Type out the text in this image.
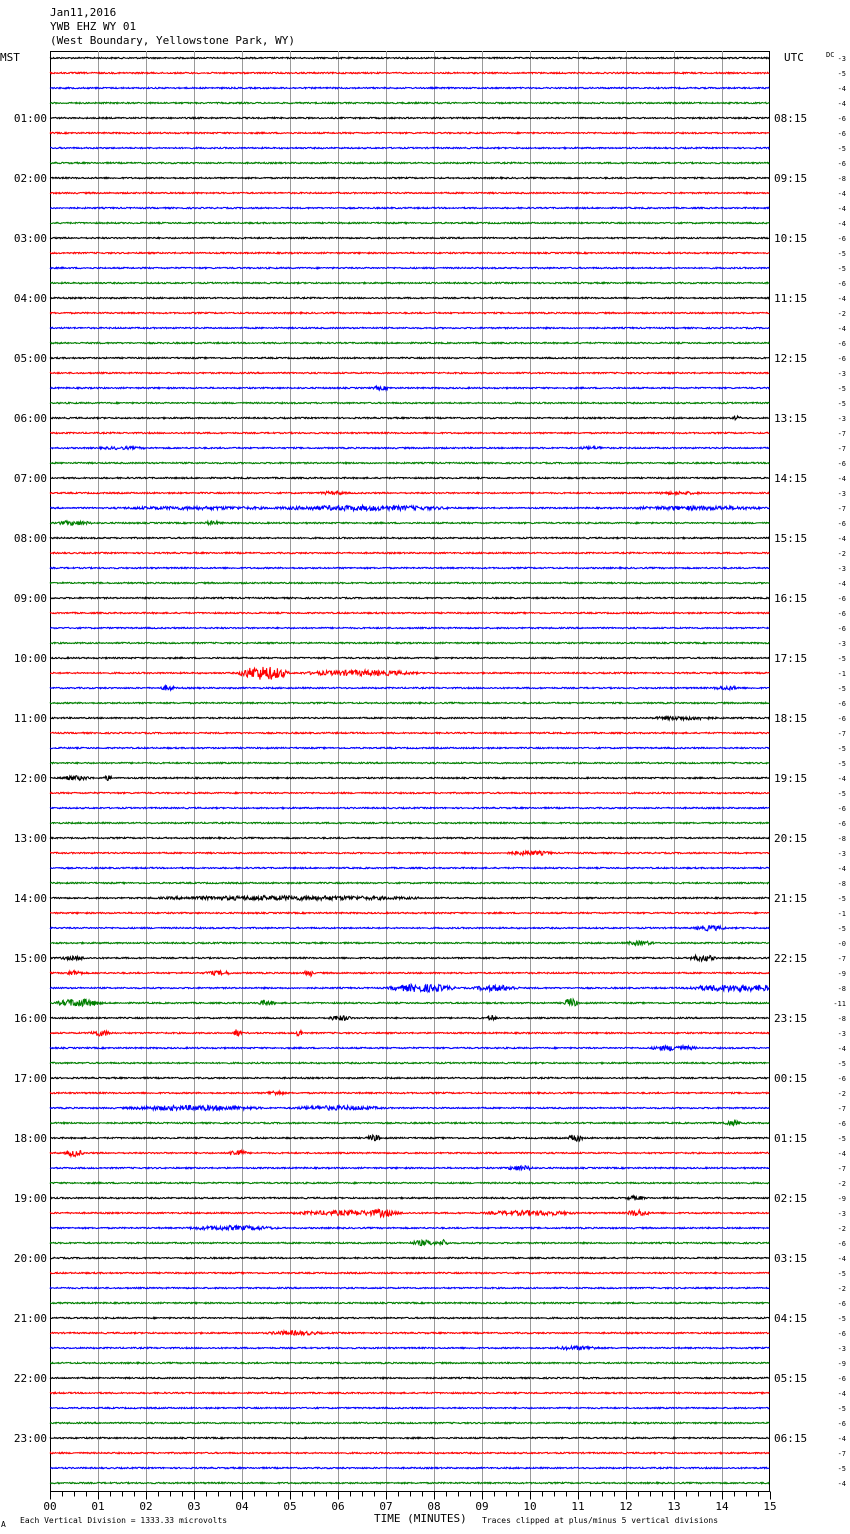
Jan11,2016
YWB EHZ WY 01
(West Boundary, Yellowstone Park, WY)
MST	UTC	DC
01:00
02:00
03:00
04:00
05:00
06:00
07:00
08:00
09:00
10:00
11:00
12:00
13:00
14:00
15:00
16:00
17:00
18:00
19:00
20:00
21:00
22:00
23:00
08:15
09:15
10:15
11:15
12:15
13:15
14:15
15:15
16:15
17:15
18:15
19:15
20:15
21:15
22:15
23:15
00:15
01:15
02:15
03:15
04:15
05:15
06:15
-3
-5
-4
-4
-6
-6
-5
-6
-8
-4
-4
-4
-6
-5
-5
-6
-4
-2
-4
-6
-6
-3
-5
-5
-3
-7
-7
-6
-4
-3
-7
-6
-4
-2
-3
-4
-6
-6
-6
-3
-5
-1
-5
-6
-6
-7
-5
-5
-4
-5
-6
-6
-8
-3
-4
-8
-5
-1
-5
-0
-7
-9
-8
-11
-8
-3
-4
-5
-6
-2
-7
-6
-5
-4
-7
-2
-9
-3
-2
-6
-4
-5
-2
-6
-5
-6
-3
-9
-6
-4
-5
-6
-4
-7
-5
-4
00	01	02	03	04	05	06	07	08	09	10	11	12	13	14	15
A Each Vertical Division = 1333.33 microvolts	TIME (MINUTES) Traces clipped at plus/minus 5 vertical divisions
